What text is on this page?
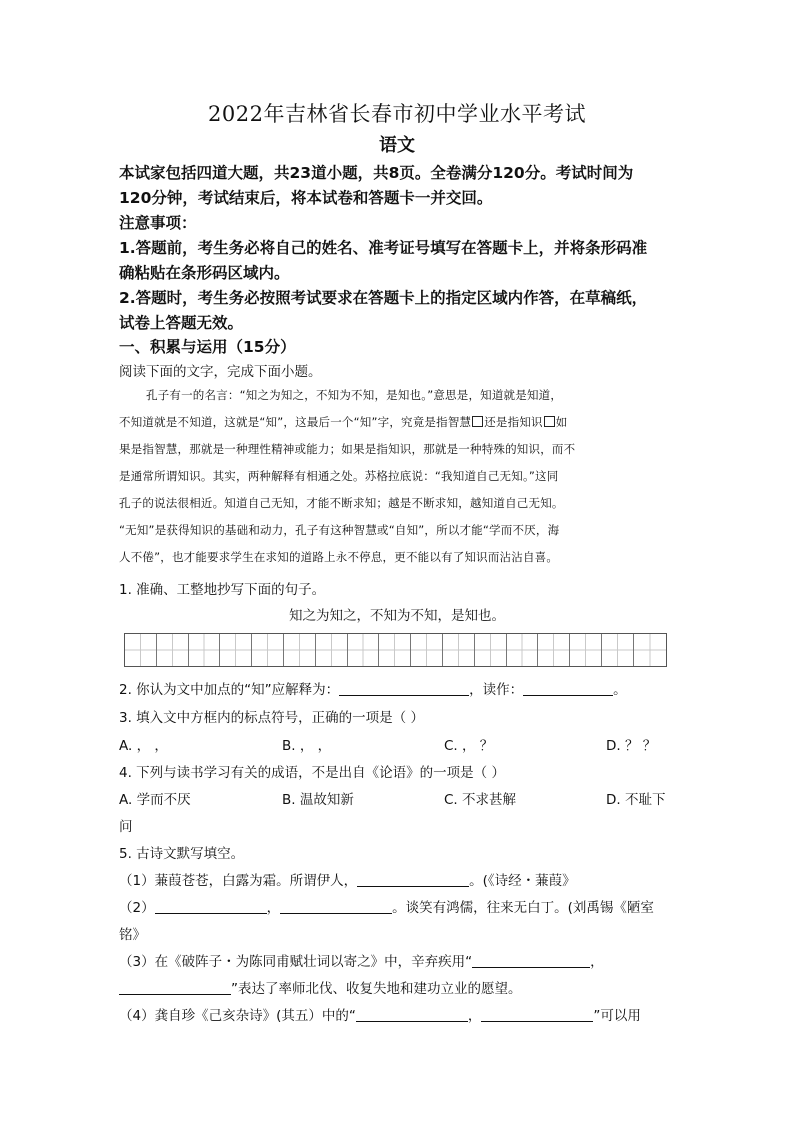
2022年吉林省长春市初中学业水平考试
语文
本试家包括四道大题，共23道小题，共8页。全卷满分120分。考试时间为
120分钟，考试结束后，将本试卷和答题卡一并交回。
注意事项：
1.答题前，考生务必将自己的姓名、准考证号填写在答题卡上，并将条形码准
确粘贴在条形码区域内。
2.答题时，考生务必按照考试要求在答题卡上的指定区域内作答，在草稿纸，
试卷上答题无效。
一、积累与运用（15分）
阅读下面的文字，完成下面小题。
孔子有一的名言：“知之为知之，不知为不知，是知也。”意思是，知道就是知道，
不知道就是不知道，这就是“知”，这最后一个“知”字，究竟是指智慧 还是指知识 如
果是指智慧，那就是一种理性精神或能力；如果是指知识，那就是一种特殊的知识，而不
是通常所谓知识。其实，两种解释有相通之处。苏格拉底说：“我知道自己无知。”这同
孔子的说法很相近。知道自己无知，才能不断求知；越是不断求知，越知道自己无知。
“无知”是获得知识的基础和动力，孔子有这种智慧或“自知”，所以才能“学而不厌，海
人不倦”，也才能要求学生在求知的道路上永不停息，更不能以有了知识而沾沾自喜。
1. 准确、工整地抄写下面的句子。
知之为知之，不知为不知，是知也。
2. 你认为文中加点的“知”应解释为：	，读作：	。
3. 填入文中方框内的标点符号，正确的一项是（ ）
A. ， ，	B. ， ，	C. ， ？	D. ？ ？
4. 下列与读书学习有关的成语，不是出自《论语》的一项是（ ）
A. 学而不厌	B. 温故知新	C. 不求甚解	D. 不耻下
问
5. 古诗文默写填空。
（1）蒹葭苍苍，白露为霜。所谓伊人，	。(《诗经・蒹葭》
（2）	，	。谈笑有鸿儒，往来无白丁。(刘禹锡《陋室
铭》
（3）在《破阵子・为陈同甫赋壮词以寄之》中，辛弃疾用“	，
”表达了率师北伐、收复失地和建功立业的愿望。
（4）龚自珍《己亥杂诗》(其五）中的“	，	”可以用
